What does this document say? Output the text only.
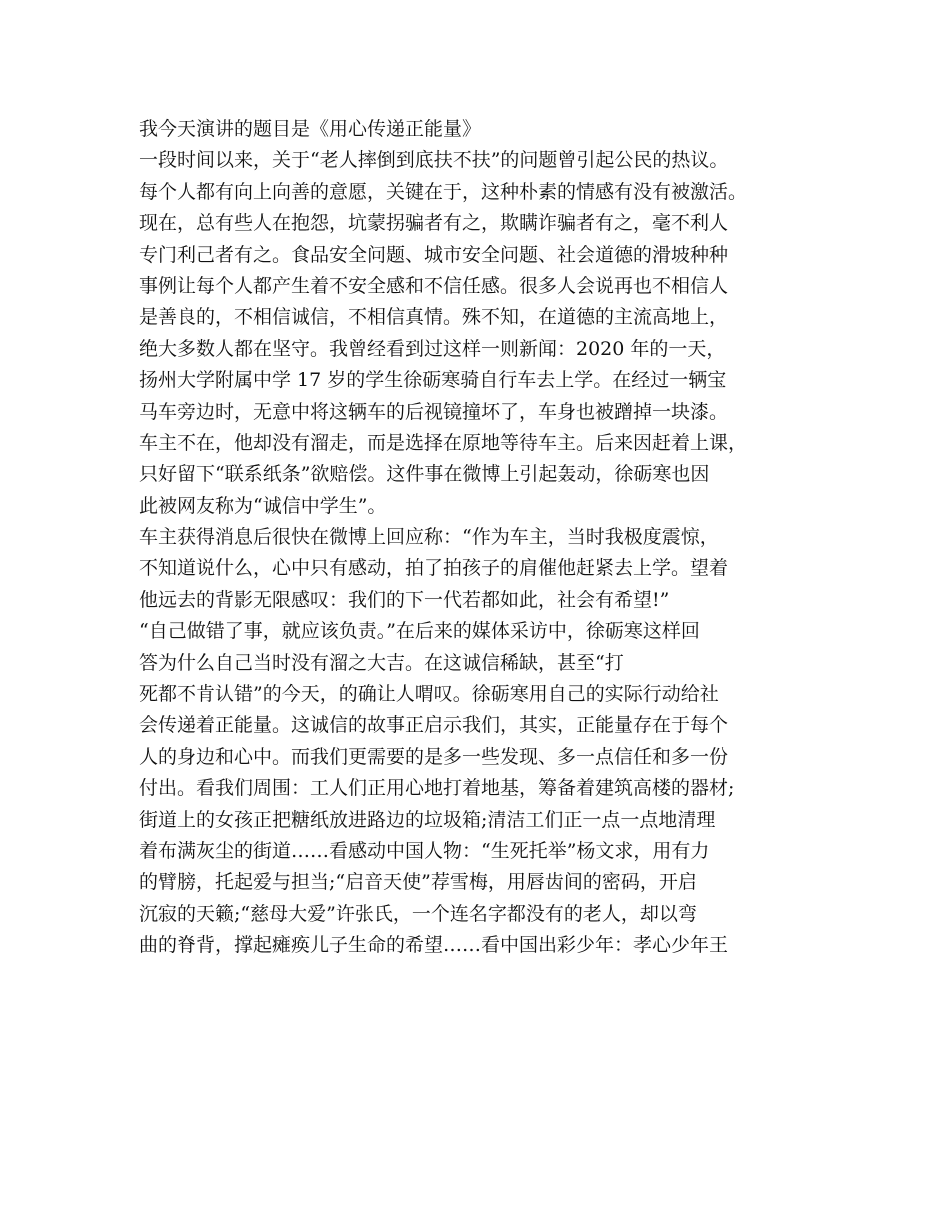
我今天演讲的题目是《用心传递正能量》
一段时间以来，关于“老人摔倒到底扶不扶”的问题曾引起公民的热议。
每个人都有向上向善的意愿，关键在于，这种朴素的情感有没有被激活。
现在，总有些人在抱怨，坑蒙拐骗者有之，欺瞒诈骗者有之，毫不利人
专门利己者有之。食品安全问题、城市安全问题、社会道德的滑坡种种
事例让每个人都产生着不安全感和不信任感。很多人会说再也不相信人
是善良的，不相信诚信，不相信真情。殊不知，在道德的主流高地上，
绝大多数人都在坚守。我曾经看到过这样一则新闻：2020 年的一天，
扬州大学附属中学 17 岁的学生徐砺寒骑自行车去上学。在经过一辆宝
马车旁边时，无意中将这辆车的后视镜撞坏了，车身也被蹭掉一块漆。
车主不在，他却没有溜走，而是选择在原地等待车主。后来因赶着上课，
只好留下“联系纸条”欲赔偿。这件事在微博上引起轰动，徐砺寒也因
此被网友称为“诚信中学生”。
车主获得消息后很快在微博上回应称：“作为车主，当时我极度震惊，
不知道说什么，心中只有感动，拍了拍孩子的肩催他赶紧去上学。望着
他远去的背影无限感叹：我们的下一代若都如此，社会有希望!”
“自己做错了事，就应该负责。”在后来的媒体采访中，徐砺寒这样回
答为什么自己当时没有溜之大吉。在这诚信稀缺，甚至“打
死都不肯认错”的今天，的确让人喟叹。徐砺寒用自己的实际行动给社
会传递着正能量。这诚信的故事正启示我们，其实，正能量存在于每个
人的身边和心中。而我们更需要的是多一些发现、多一点信任和多一份
付出。看我们周围：工人们正用心地打着地基，筹备着建筑高楼的器材;
街道上的女孩正把糖纸放进路边的垃圾箱;清洁工们正一点一点地清理
着布满灰尘的街道……看感动中国人物：“生死托举”杨文求，用有力
的臂膀，托起爱与担当;“启音天使”荐雪梅，用唇齿间的密码，开启
沉寂的天籁;“慈母大爱”许张氏，一个连名字都没有的老人，却以弯
曲的脊背，撑起瘫痪儿子生命的希望……看中国出彩少年：孝心少年王
